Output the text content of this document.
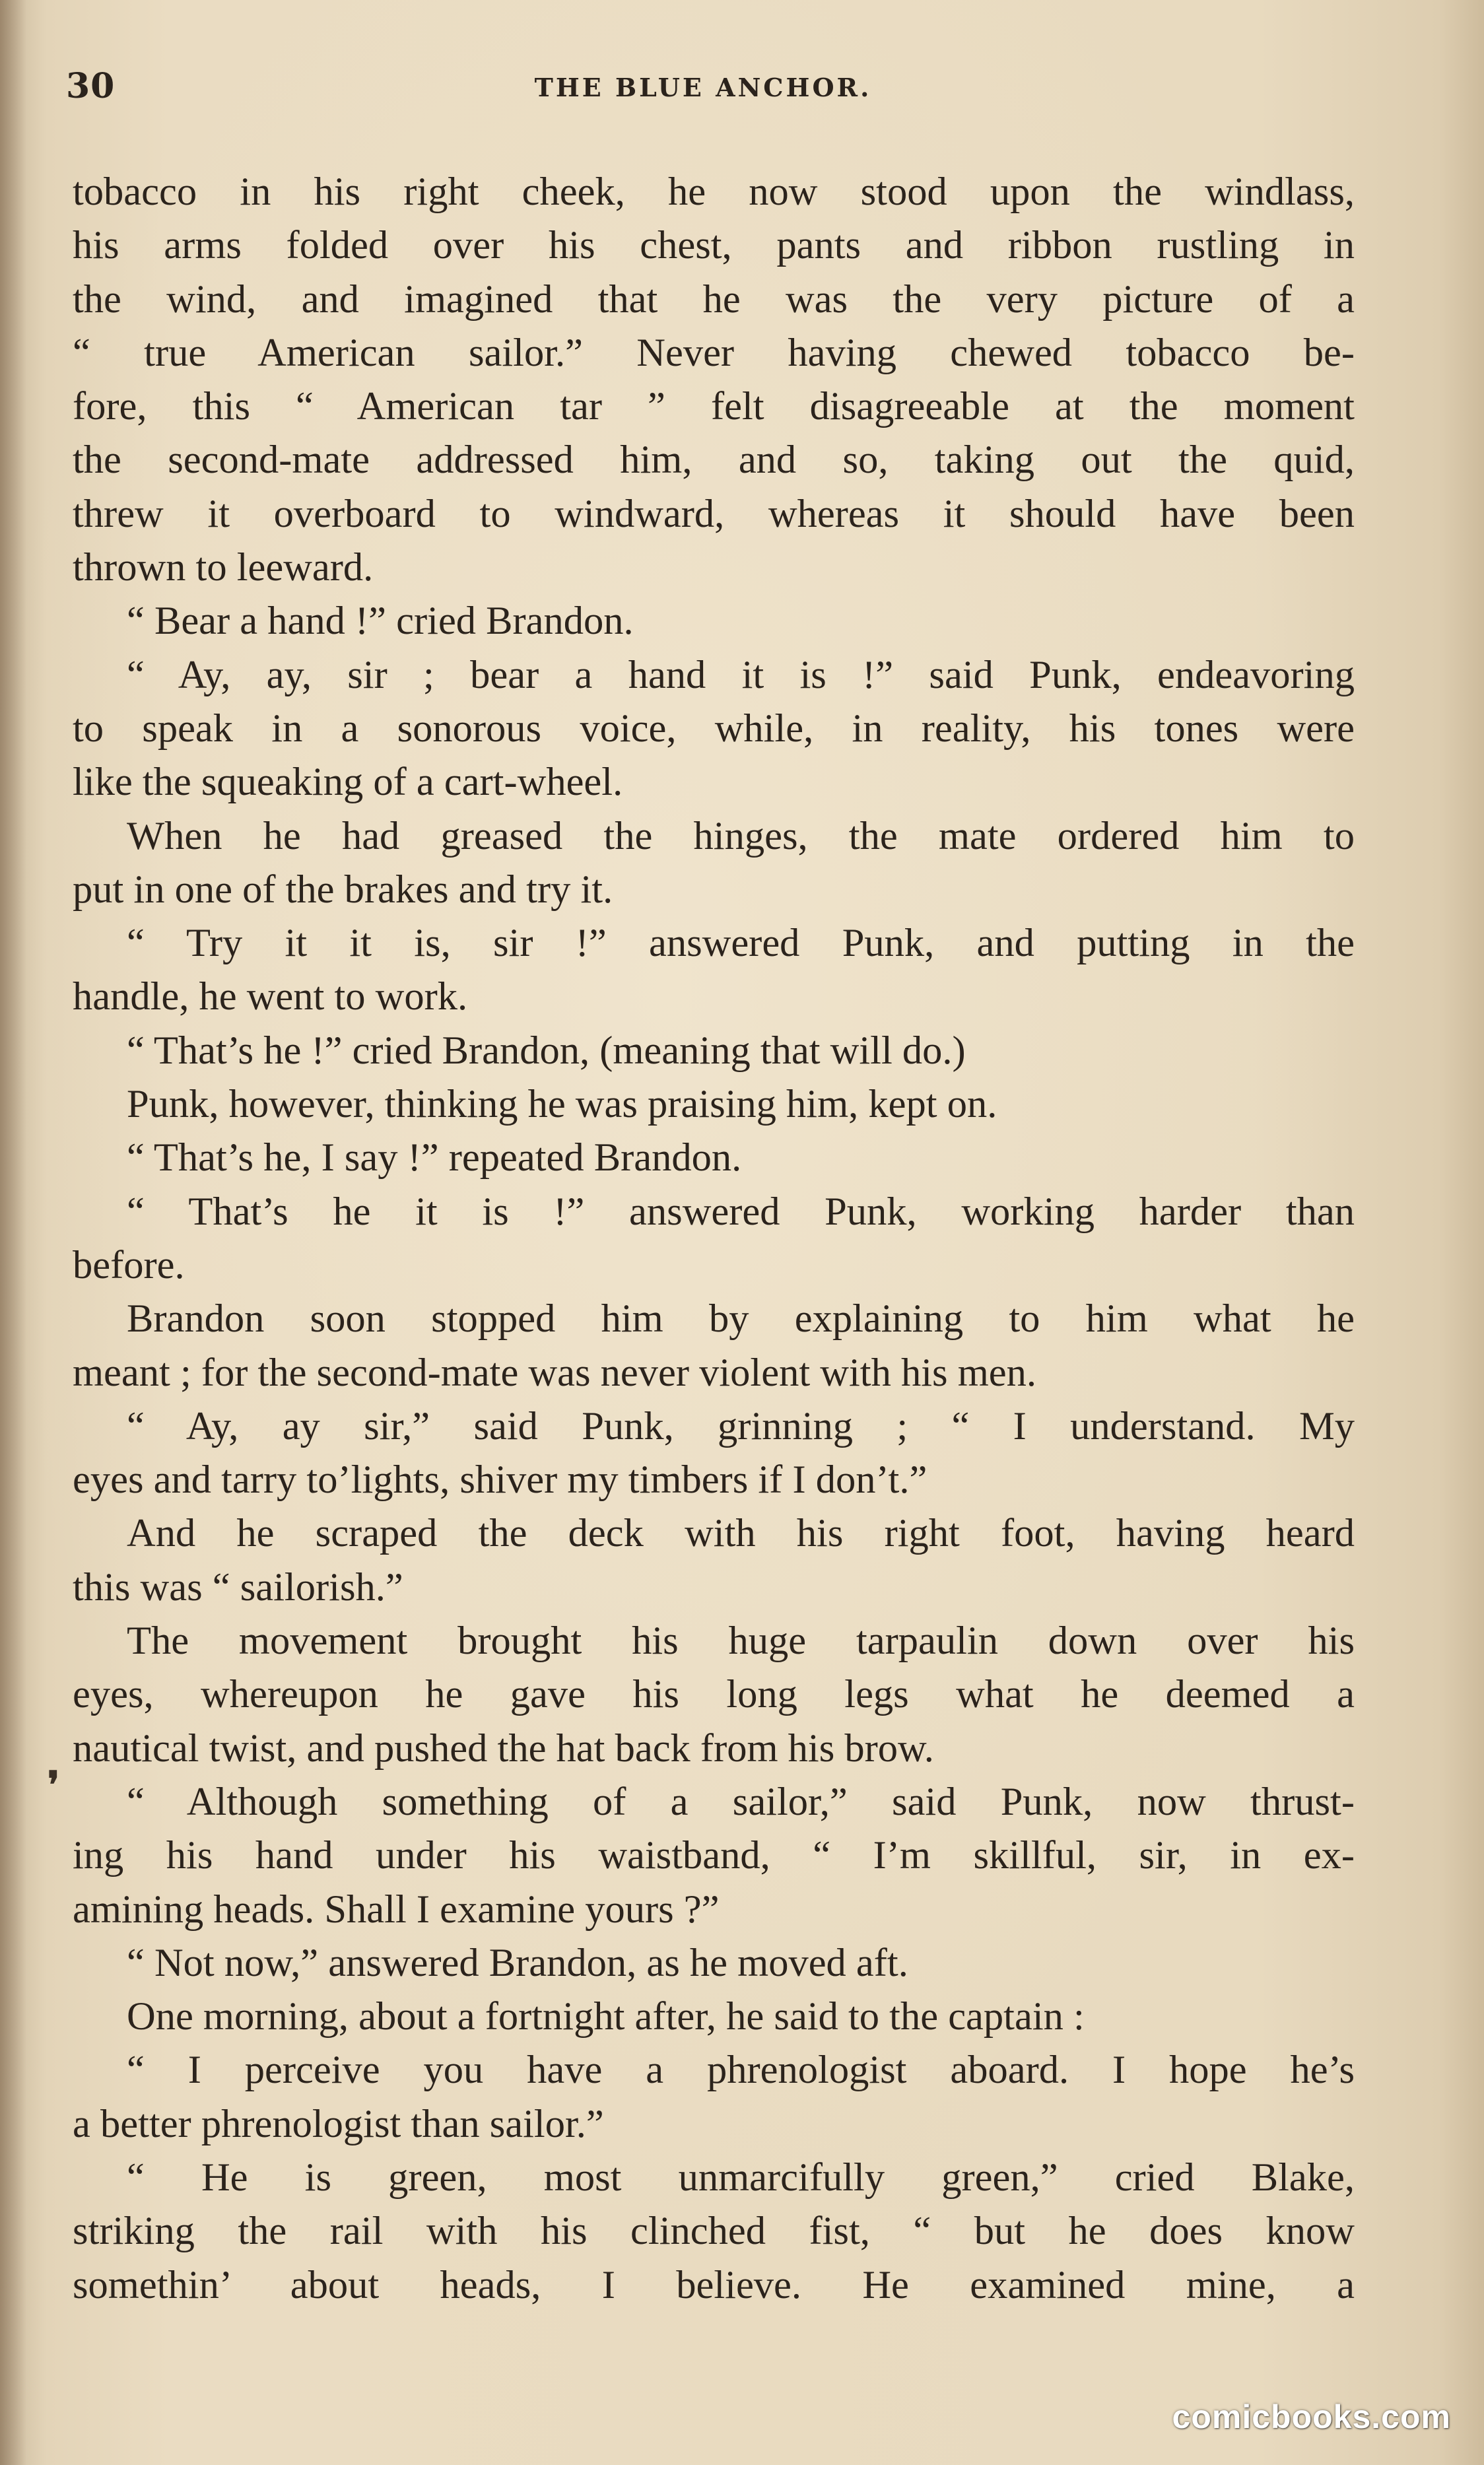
30	THE BLUE ANCHOR.
tobacco in his right cheek, he now stood upon the windlass,
his arms folded over his chest, pants and ribbon rustling in
the wind, and imagined that he was the very picture of a
“ true American sailor.” Never having chewed tobacco be-
fore, this “ American tar ” felt disagreeable at the moment
the second-mate addressed him, and so, taking out the quid,
threw it overboard to windward, whereas it should have been
thrown to leeward.
“ Bear a hand !” cried Brandon.
“ Ay, ay, sir ; bear a hand it is !” said Punk, endeavoring
to speak in a sonorous voice, while, in reality, his tones were
like the squeaking of a cart-wheel.
When he had greased the hinges, the mate ordered him to
put in one of the brakes and try it.
“ Try it it is, sir !” answered Punk, and putting in the
handle, he went to work.
“ That’s he !” cried Brandon, (meaning that will do.)
Punk, however, thinking he was praising him, kept on.
“ That’s he, I say !” repeated Brandon.
“ That’s he it is !” answered Punk, working harder than
before.
Brandon soon stopped him by explaining to him what he
meant ; for the second-mate was never violent with his men.
“ Ay, ay sir,” said Punk, grinning ; “ I understand. My
eyes and tarry to’lights, shiver my timbers if I don’t.”
And he scraped the deck with his right foot, having heard
this was “ sailorish.”
The movement brought his huge tarpaulin down over his
eyes, whereupon he gave his long legs what he deemed a
nautical twist, and pushed the hat back from his brow.
“ Although something of a sailor,” said Punk, now thrust-
ing his hand under his waistband, “ I’m skillful, sir, in ex-
amining heads. Shall I examine yours ?”
“ Not now,” answered Brandon, as he moved aft.
One morning, about a fortnight after, he said to the captain :
“ I perceive you have a phrenologist aboard. I hope he’s
a better phrenologist than sailor.”
“ He is green, most unmarcifully green,” cried Blake,
striking the rail with his clinched fist, “ but he does know
somethin’ about heads, I believe. He examined mine, a
❜
comicbooks.com
